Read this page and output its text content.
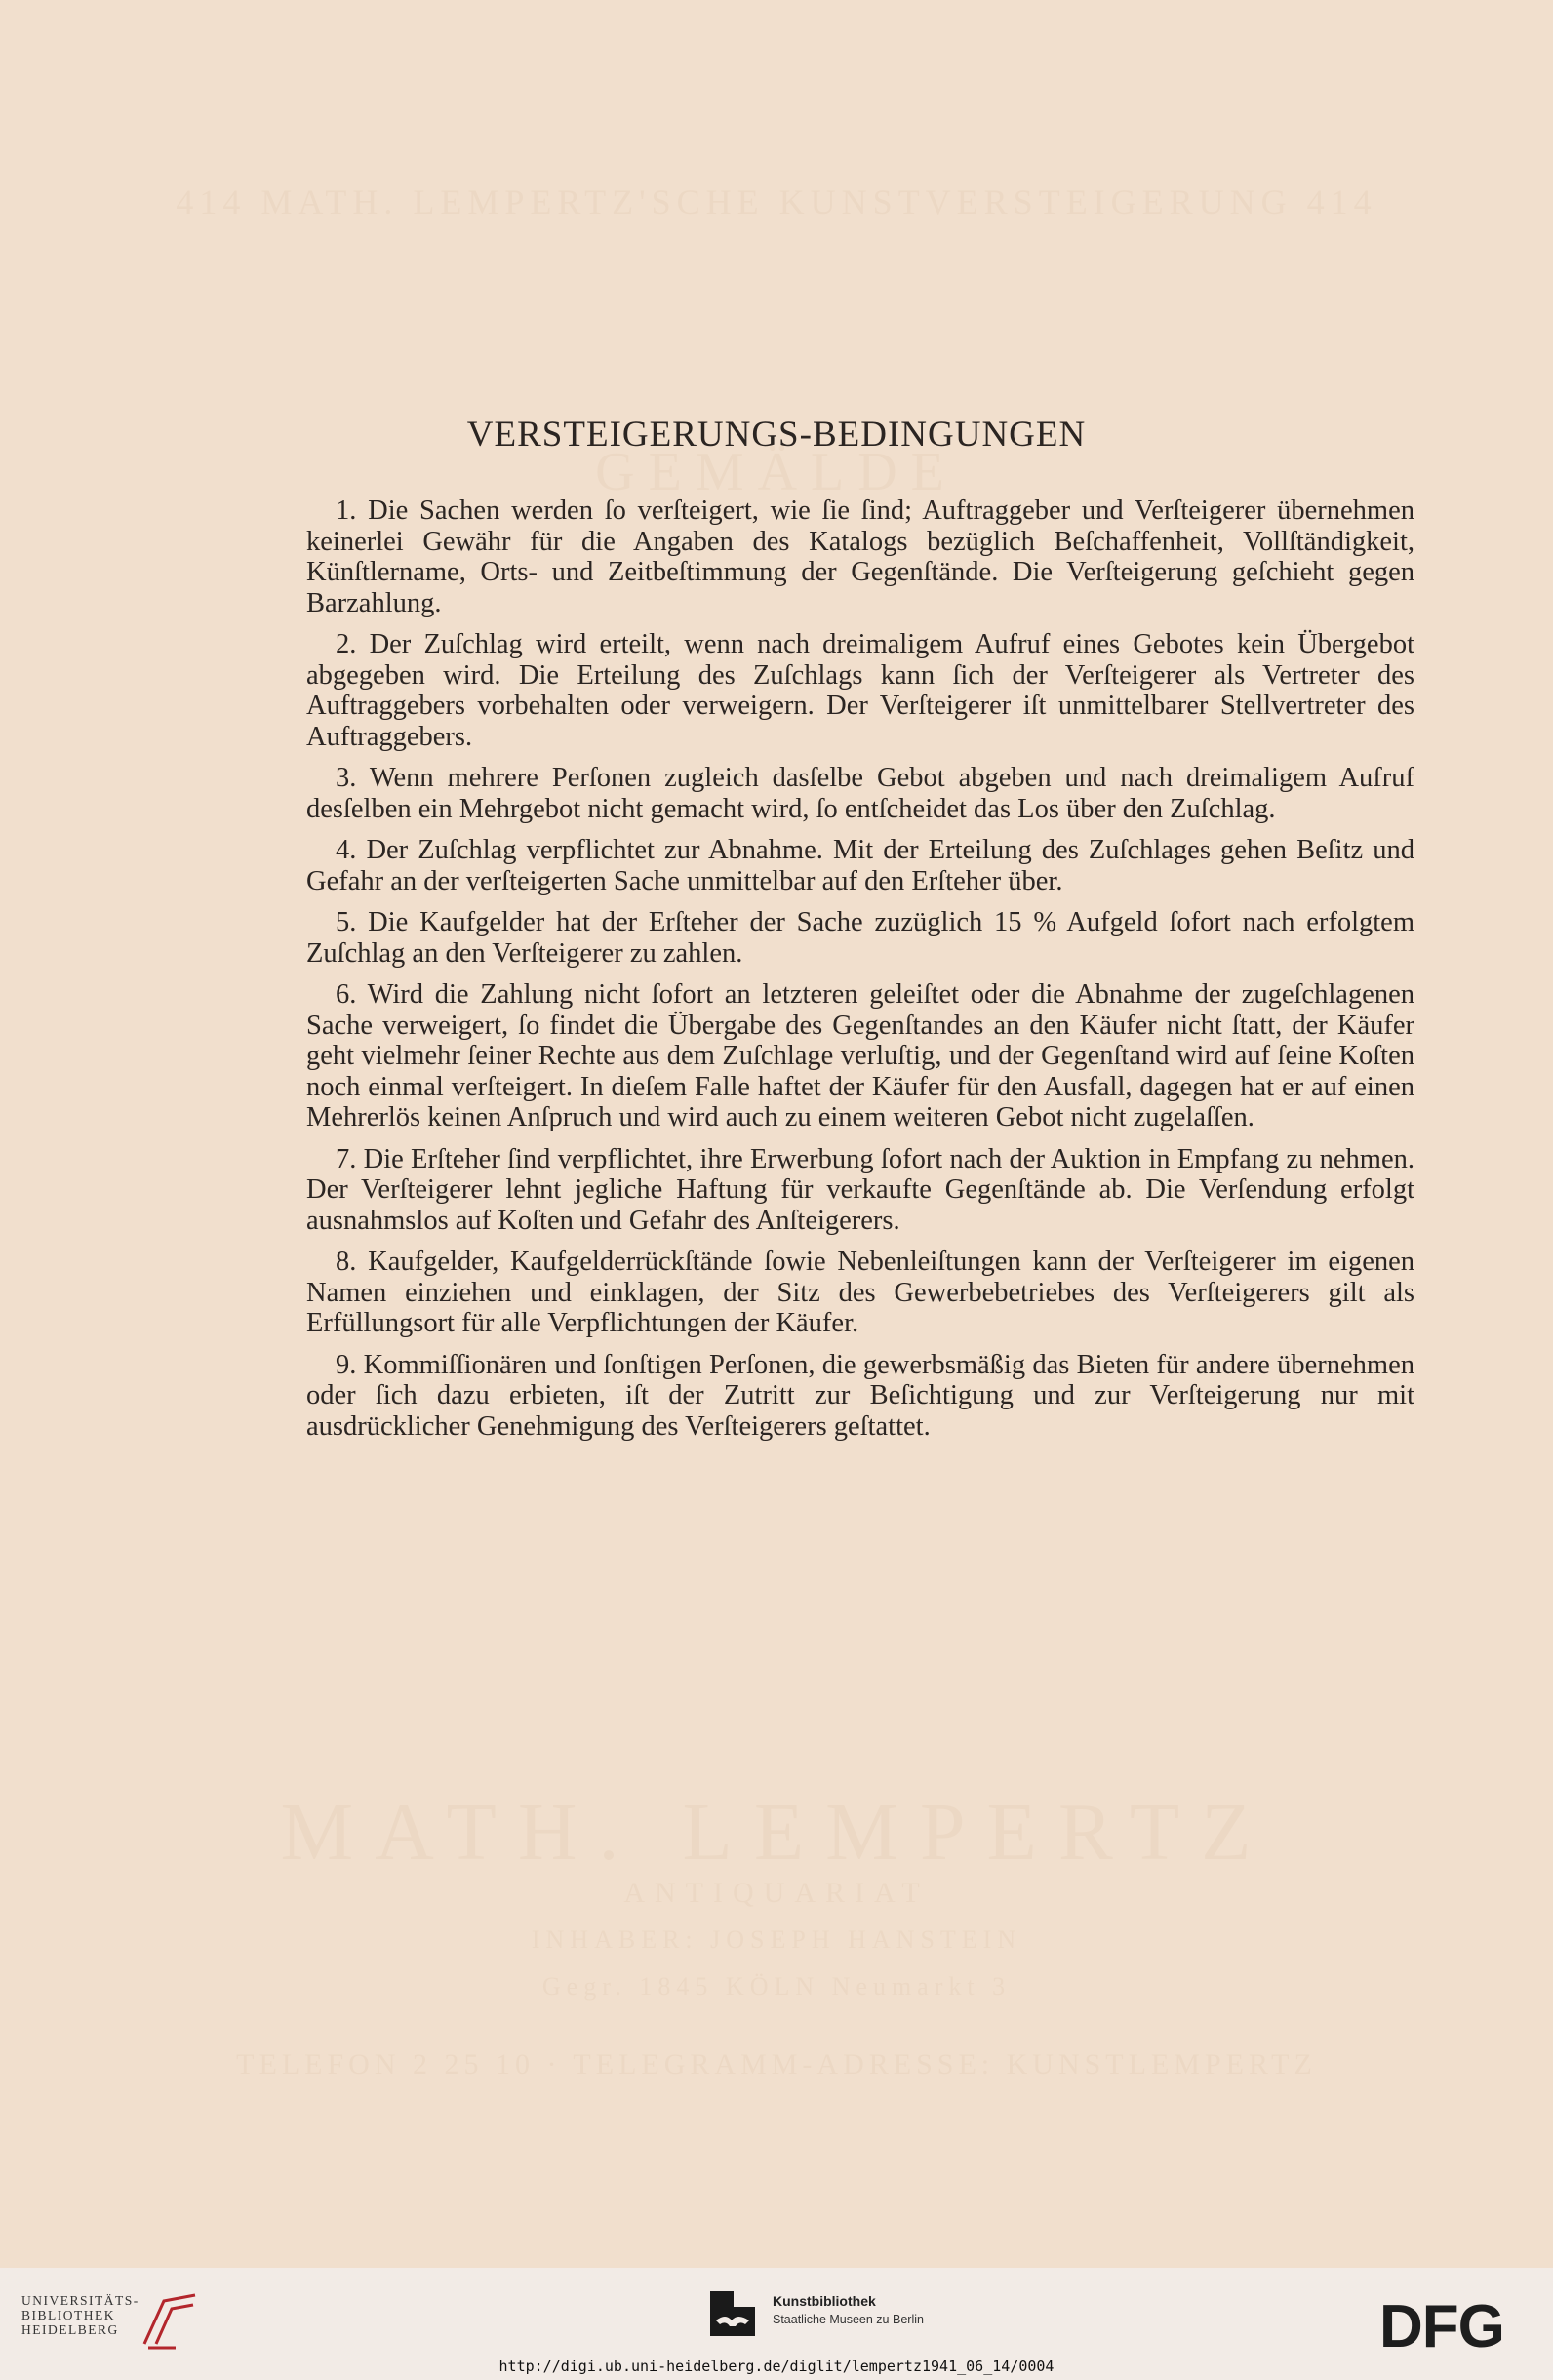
414 MATH. LEMPERTZ'SCHE KUNSTVERSTEIGERUNG 414
GEMÄLDE
MATH. LEMPERTZ
ANTIQUARIAT
INHABER: JOSEPH HANSTEIN
Gegr. 1845 KÖLN Neumarkt 3
TELEFON 2 25 10 · TELEGRAMM-ADRESSE: KUNSTLEMPERTZ
VERSTEIGERUNGS-BEDINGUNGEN

1. Die Sachen werden ſo verſteigert, wie ſie ſind; Auftraggeber und Verſteigerer übernehmen keinerlei Gewähr für die Angaben des Katalogs bezüglich Beſchaffenheit, Vollſtändigkeit, Künſtlername, Orts- und Zeitbeſtimmung der Gegenſtände. Die Verſteigerung geſchieht gegen Barzahlung.

2. Der Zuſchlag wird erteilt, wenn nach dreimaligem Aufruf eines Gebotes kein Übergebot abgegeben wird. Die Erteilung des Zuſchlags kann ſich der Verſteigerer als Vertreter des Auftraggebers vorbehalten oder verweigern. Der Verſteigerer iſt unmittelbarer Stellvertreter des Auftraggebers.

3. Wenn mehrere Perſonen zugleich dasſelbe Gebot abgeben und nach dreimaligem Aufruf desſelben ein Mehrgebot nicht gemacht wird, ſo entſcheidet das Los über den Zuſchlag.

4. Der Zuſchlag verpflichtet zur Abnahme. Mit der Erteilung des Zuſchlages gehen Beſitz und Gefahr an der verſteigerten Sache unmittelbar auf den Erſteher über.

5. Die Kaufgelder hat der Erſteher der Sache zuzüglich 15 % Aufgeld ſofort nach erfolgtem Zuſchlag an den Verſteigerer zu zahlen.

6. Wird die Zahlung nicht ſofort an letzteren geleiſtet oder die Abnahme der zugeſchlagenen Sache verweigert, ſo findet die Übergabe des Gegenſtandes an den Käufer nicht ſtatt, der Käufer geht vielmehr ſeiner Rechte aus dem Zuſchlage verluſtig, und der Gegenſtand wird auf ſeine Koſten noch einmal verſteigert. In dieſem Falle haftet der Käufer für den Ausfall, dagegen hat er auf einen Mehrerlös keinen Anſpruch und wird auch zu einem weiteren Gebot nicht zugelaſſen.

7. Die Erſteher ſind verpflichtet, ihre Erwerbung ſofort nach der Auktion in Empfang zu nehmen. Der Verſteigerer lehnt jegliche Haftung für verkaufte Gegenſtände ab. Die Verſendung erfolgt ausnahmslos auf Koſten und Gefahr des Anſteigerers.

8. Kaufgelder, Kaufgelderrückſtände ſowie Nebenleiſtungen kann der Verſteigerer im eigenen Namen einziehen und einklagen, der Sitz des Gewerbebetriebes des Verſteigerers gilt als Erfüllungsort für alle Verpflichtungen der Käufer.

9. Kommiſſionären und ſonſtigen Perſonen, die gewerbsmäßig das Bieten für andere übernehmen oder ſich dazu erbieten, iſt der Zutritt zur Beſichtigung und zur Verſteigerung nur mit ausdrücklicher Genehmigung des Verſteigerers geſtattet.

UNIVERSITÄTS-
BIBLIOTHEK
HEIDELBERG
Kunstbibliothek
Staatliche Museen zu Berlin	DFG
http://digi.ub.uni-heidelberg.de/diglit/lempertz1941_06_14/0004
